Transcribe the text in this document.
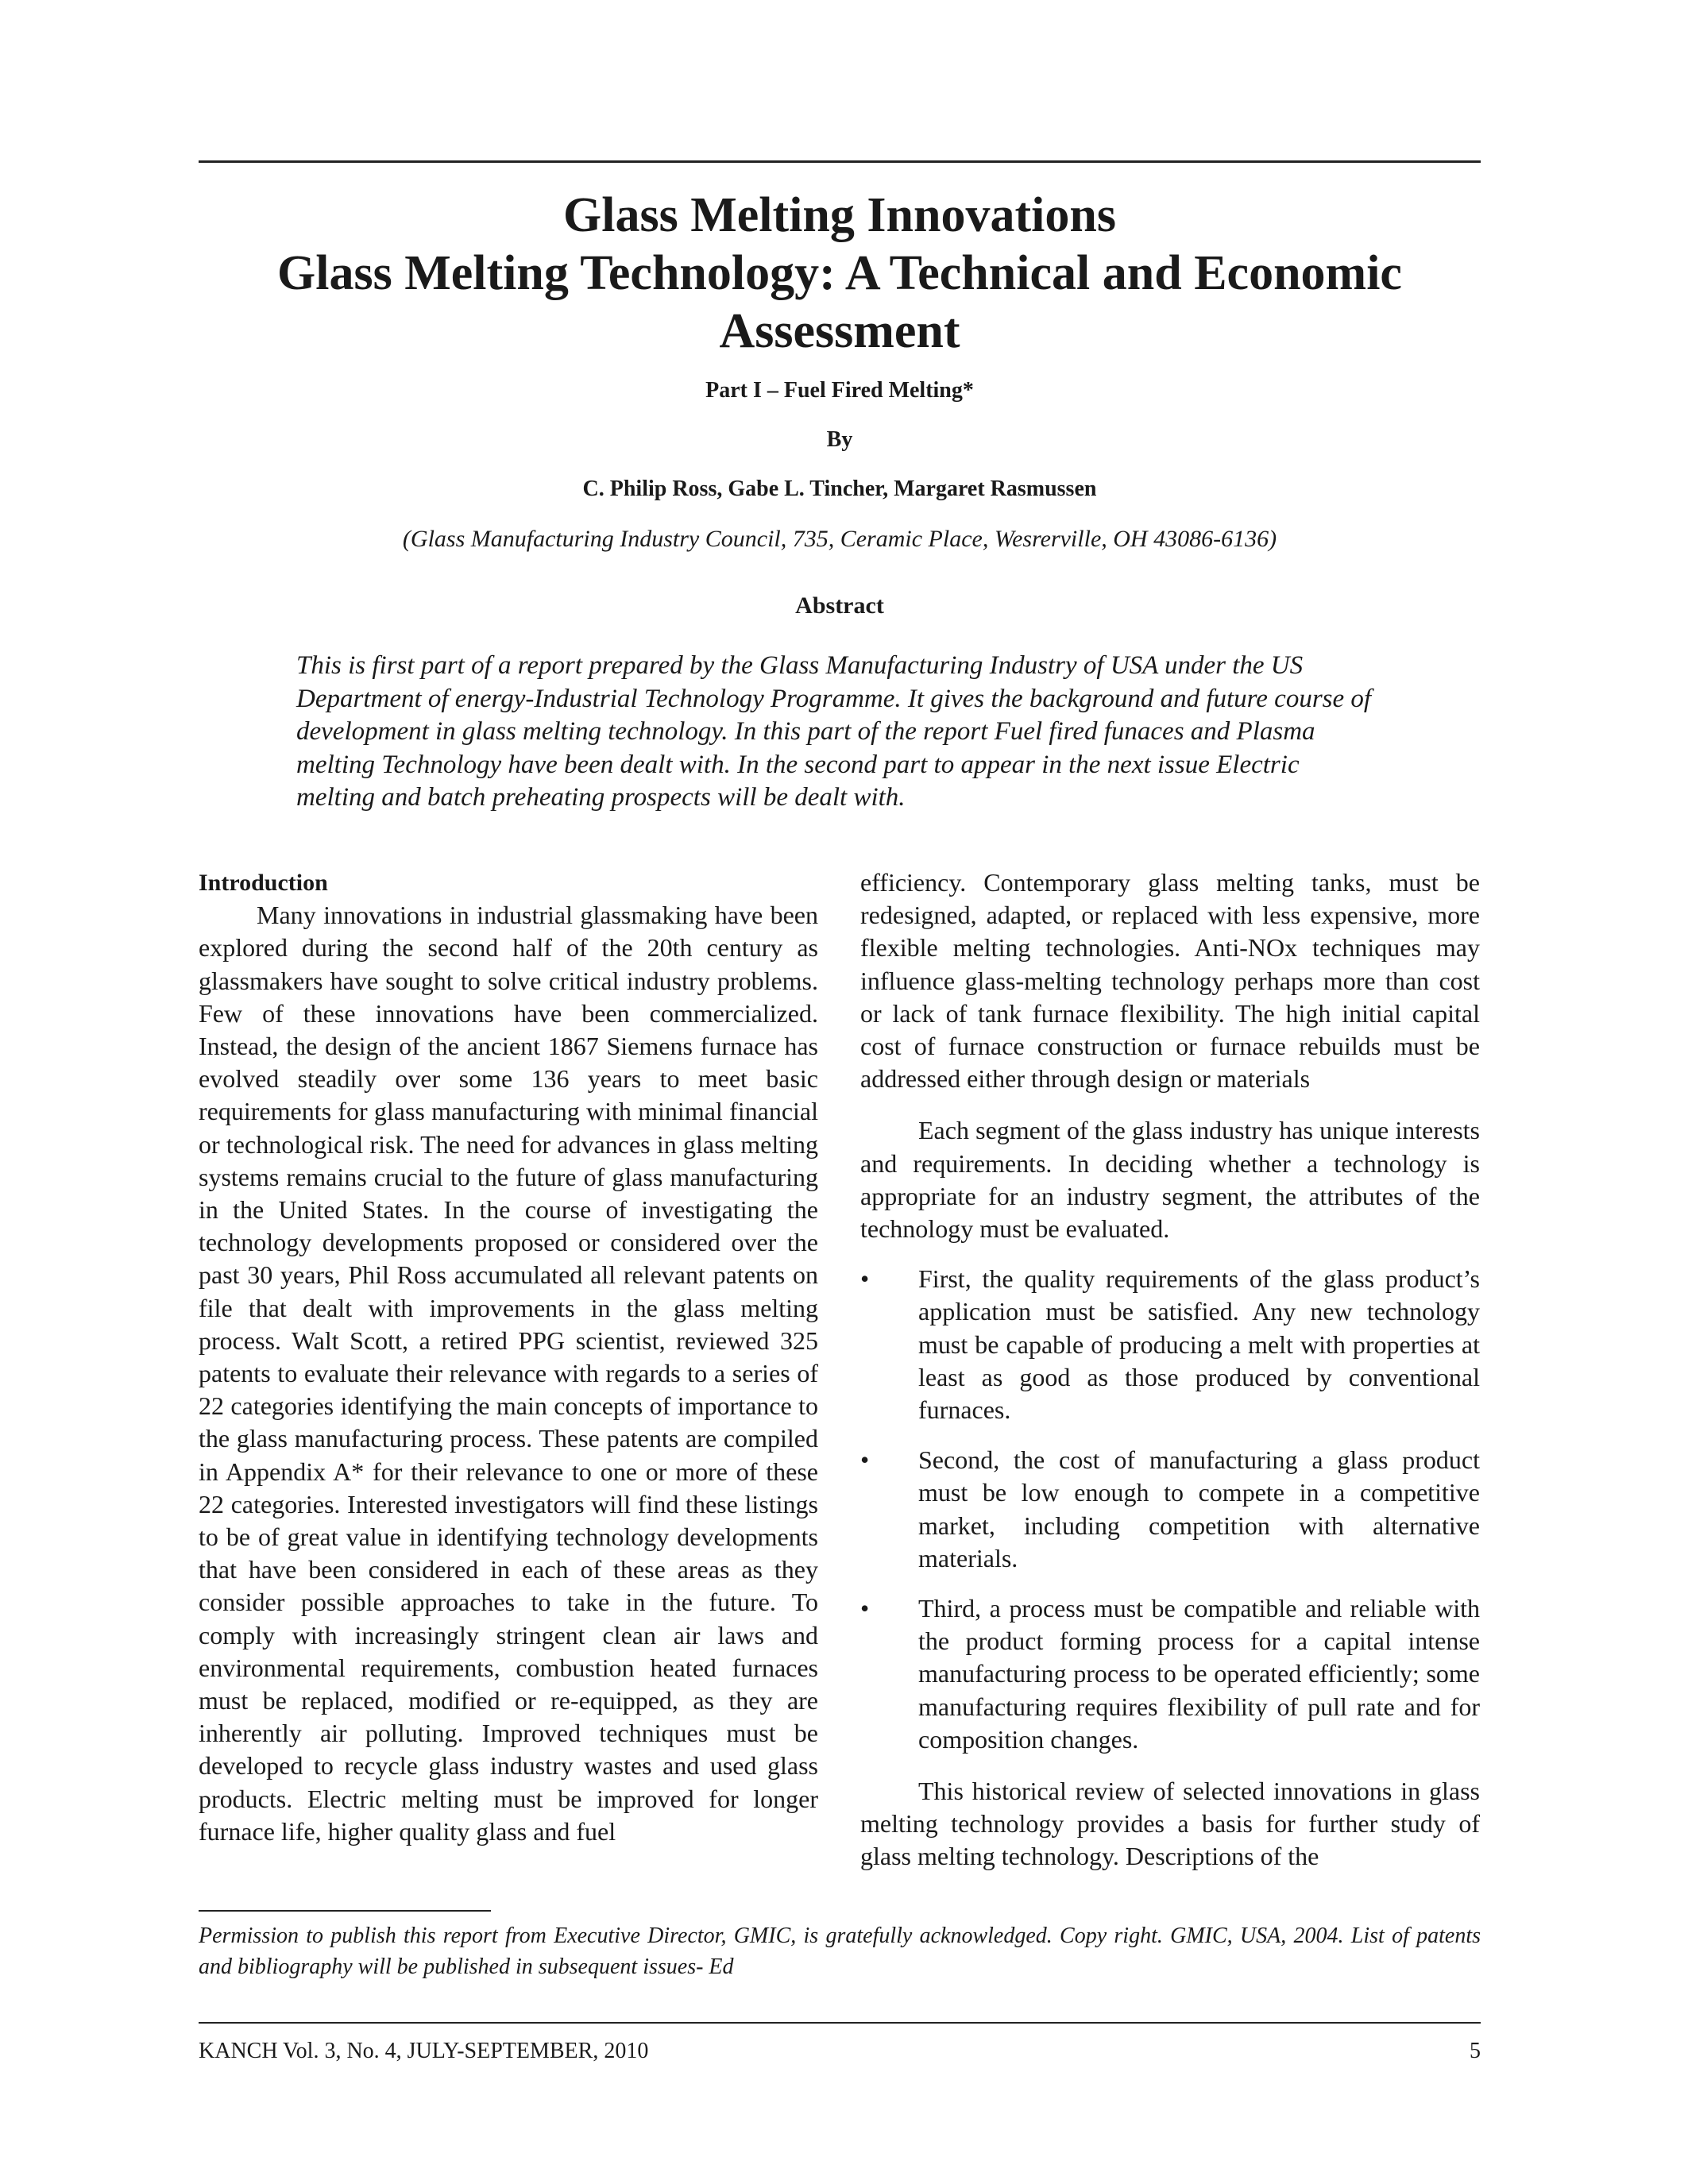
Glass Melting Innovations

Glass Melting Technology: A Technical and Economic Assessment

Part I – Fuel Fired Melting*

By

C. Philip Ross, Gabe L. Tincher, Margaret Rasmussen

(Glass Manufacturing Industry Council, 735, Ceramic Place, Wesrerville, OH 43086-6136)

Abstract

This is first part of a report prepared by the Glass Manufacturing Industry of USA under the US Department of energy-Industrial Technology Programme. It gives the background and future course of development in glass melting technology. In this part of the report Fuel fired funaces and Plasma melting Technology have been dealt with. In the second part to appear in the next issue Electric melting and batch preheating prospects will be dealt with.

Introduction

Many innovations in industrial glassmaking have been explored during the second half of the 20th century as glassmakers have sought to solve critical industry problems. Few of these innovations have been commercialized. Instead, the design of the ancient 1867 Siemens furnace has evolved steadily over some 136 years to meet basic requirements for glass manufacturing with minimal financial or technological risk. The need for advances in glass melting systems remains crucial to the future of glass manufacturing in the United States. In the course of investigating the technology developments proposed or considered over the past 30 years, Phil Ross accumulated all relevant patents on file that dealt with improvements in the glass melting process. Walt Scott, a retired PPG scientist, reviewed 325 patents to evaluate their relevance with regards to a series of 22 categories identifying the main concepts of importance to the glass manufacturing process. These patents are compiled in Appendix A* for their relevance to one or more of these 22 categories. Interested investigators will find these listings to be of great value in identifying technology developments that have been considered in each of these areas as they consider possible approaches to take in the future. To comply with increasingly stringent clean air laws and environmental requirements, combustion heated furnaces must be replaced, modified or re-equipped, as they are inherently air polluting. Improved techniques must be developed to recycle glass industry wastes and used glass products. Electric melting must be improved for longer furnace life, higher quality glass and fuel

efficiency. Contemporary glass melting tanks, must be redesigned, adapted, or replaced with less expensive, more flexible melting technologies. Anti-NOx techniques may influence glass-melting technology perhaps more than cost or lack of tank furnace flexibility. The high initial capital cost of furnace construction or furnace rebuilds must be addressed either through design or materials

Each segment of the glass industry has unique interests and requirements. In deciding whether a technology is appropriate for an industry segment, the attributes of the technology must be evaluated.

• First, the quality requirements of the glass product’s application must be satisfied. Any new technology must be capable of producing a melt with properties at least as good as those produced by conventional furnaces.

• Second, the cost of manufacturing a glass product must be low enough to compete in a competitive market, including competition with alternative materials.

• Third, a process must be compatible and reliable with the product forming process for a capital intense manufacturing process to be operated efficiently; some manufacturing requires flexibility of pull rate and for composition changes.

This historical review of selected innovations in glass melting technology provides a basis for further study of glass melting technology. Descriptions of the

Permission to publish this report from Executive Director, GMIC, is gratefully acknowledged. Copy right. GMIC, USA, 2004. List of patents and bibliography will be published in subsequent issues- Ed

KANCH Vol. 3, No. 4, JULY-SEPTEMBER, 2010	5
